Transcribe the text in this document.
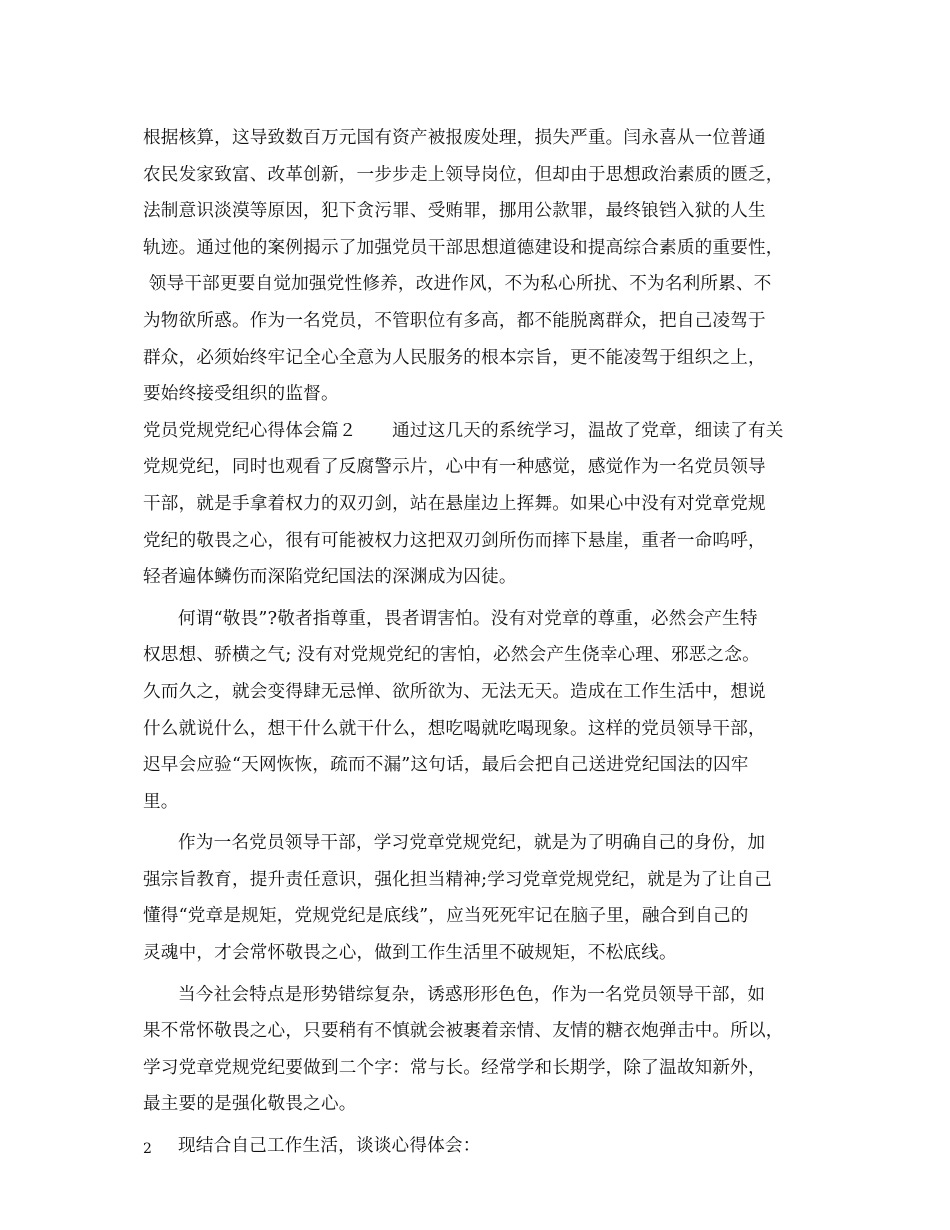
根据核算，这导致数百万元国有资产被报废处理，损失严重。闫永喜从一位普通
农民发家致富、改革创新，一步步走上领导岗位，但却由于思想政治素质的匮乏，
法制意识淡漠等原因，犯下贪污罪、受贿罪，挪用公款罪，最终锒铛入狱的人生
轨迹。通过他的案例揭示了加强党员干部思想道德建设和提高综合素质的重要性，
领导干部更要自觉加强党性修养，改进作风，不为私心所扰、不为名利所累、不
为物欲所惑。作为一名党员，不管职位有多高，都不能脱离群众，把自己凌驾于
群众，必须始终牢记全心全意为人民服务的根本宗旨，更不能凌驾于组织之上，
要始终接受组织的监督。
党员党规党纪心得体会篇２　　通过这几天的系统学习，温故了党章，细读了有关
党规党纪，同时也观看了反腐警示片，心中有一种感觉，感觉作为一名党员领导
干部，就是手拿着权力的双刃剑，站在悬崖边上挥舞。如果心中没有对党章党规
党纪的敬畏之心，很有可能被权力这把双刃剑所伤而摔下悬崖，重者一命呜呼，
轻者遍体鳞伤而深陷党纪国法的深渊成为囚徒。
何谓“敬畏”?敬者指尊重，畏者谓害怕。没有对党章的尊重，必然会产生特
权思想、骄横之气; 没有对党规党纪的害怕，必然会产生侥幸心理、邪恶之念。
久而久之，就会变得肆无忌惮、欲所欲为、无法无天。造成在工作生活中，想说
什么就说什么，想干什么就干什么，想吃喝就吃喝现象。这样的党员领导干部，
迟早会应验“天网恢恢，疏而不漏”这句话，最后会把自己送进党纪国法的囚牢
里。
作为一名党员领导干部，学习党章党规党纪，就是为了明确自己的身份，加
强宗旨教育，提升责任意识，强化担当精神;学习党章党规党纪，就是为了让自己
懂得“党章是规矩，党规党纪是底线”，应当死死牢记在脑子里，融合到自己的
灵魂中，才会常怀敬畏之心，做到工作生活里不破规矩，不松底线。
当今社会特点是形势错综复杂，诱惑形形色色，作为一名党员领导干部，如
果不常怀敬畏之心，只要稍有不慎就会被裹着亲情、友情的糖衣炮弹击中。所以，
学习党章党规党纪要做到二个字：常与长。经常学和长期学，除了温故知新外，
最主要的是强化敬畏之心。
现结合自己工作生活，谈谈心得体会：
2
